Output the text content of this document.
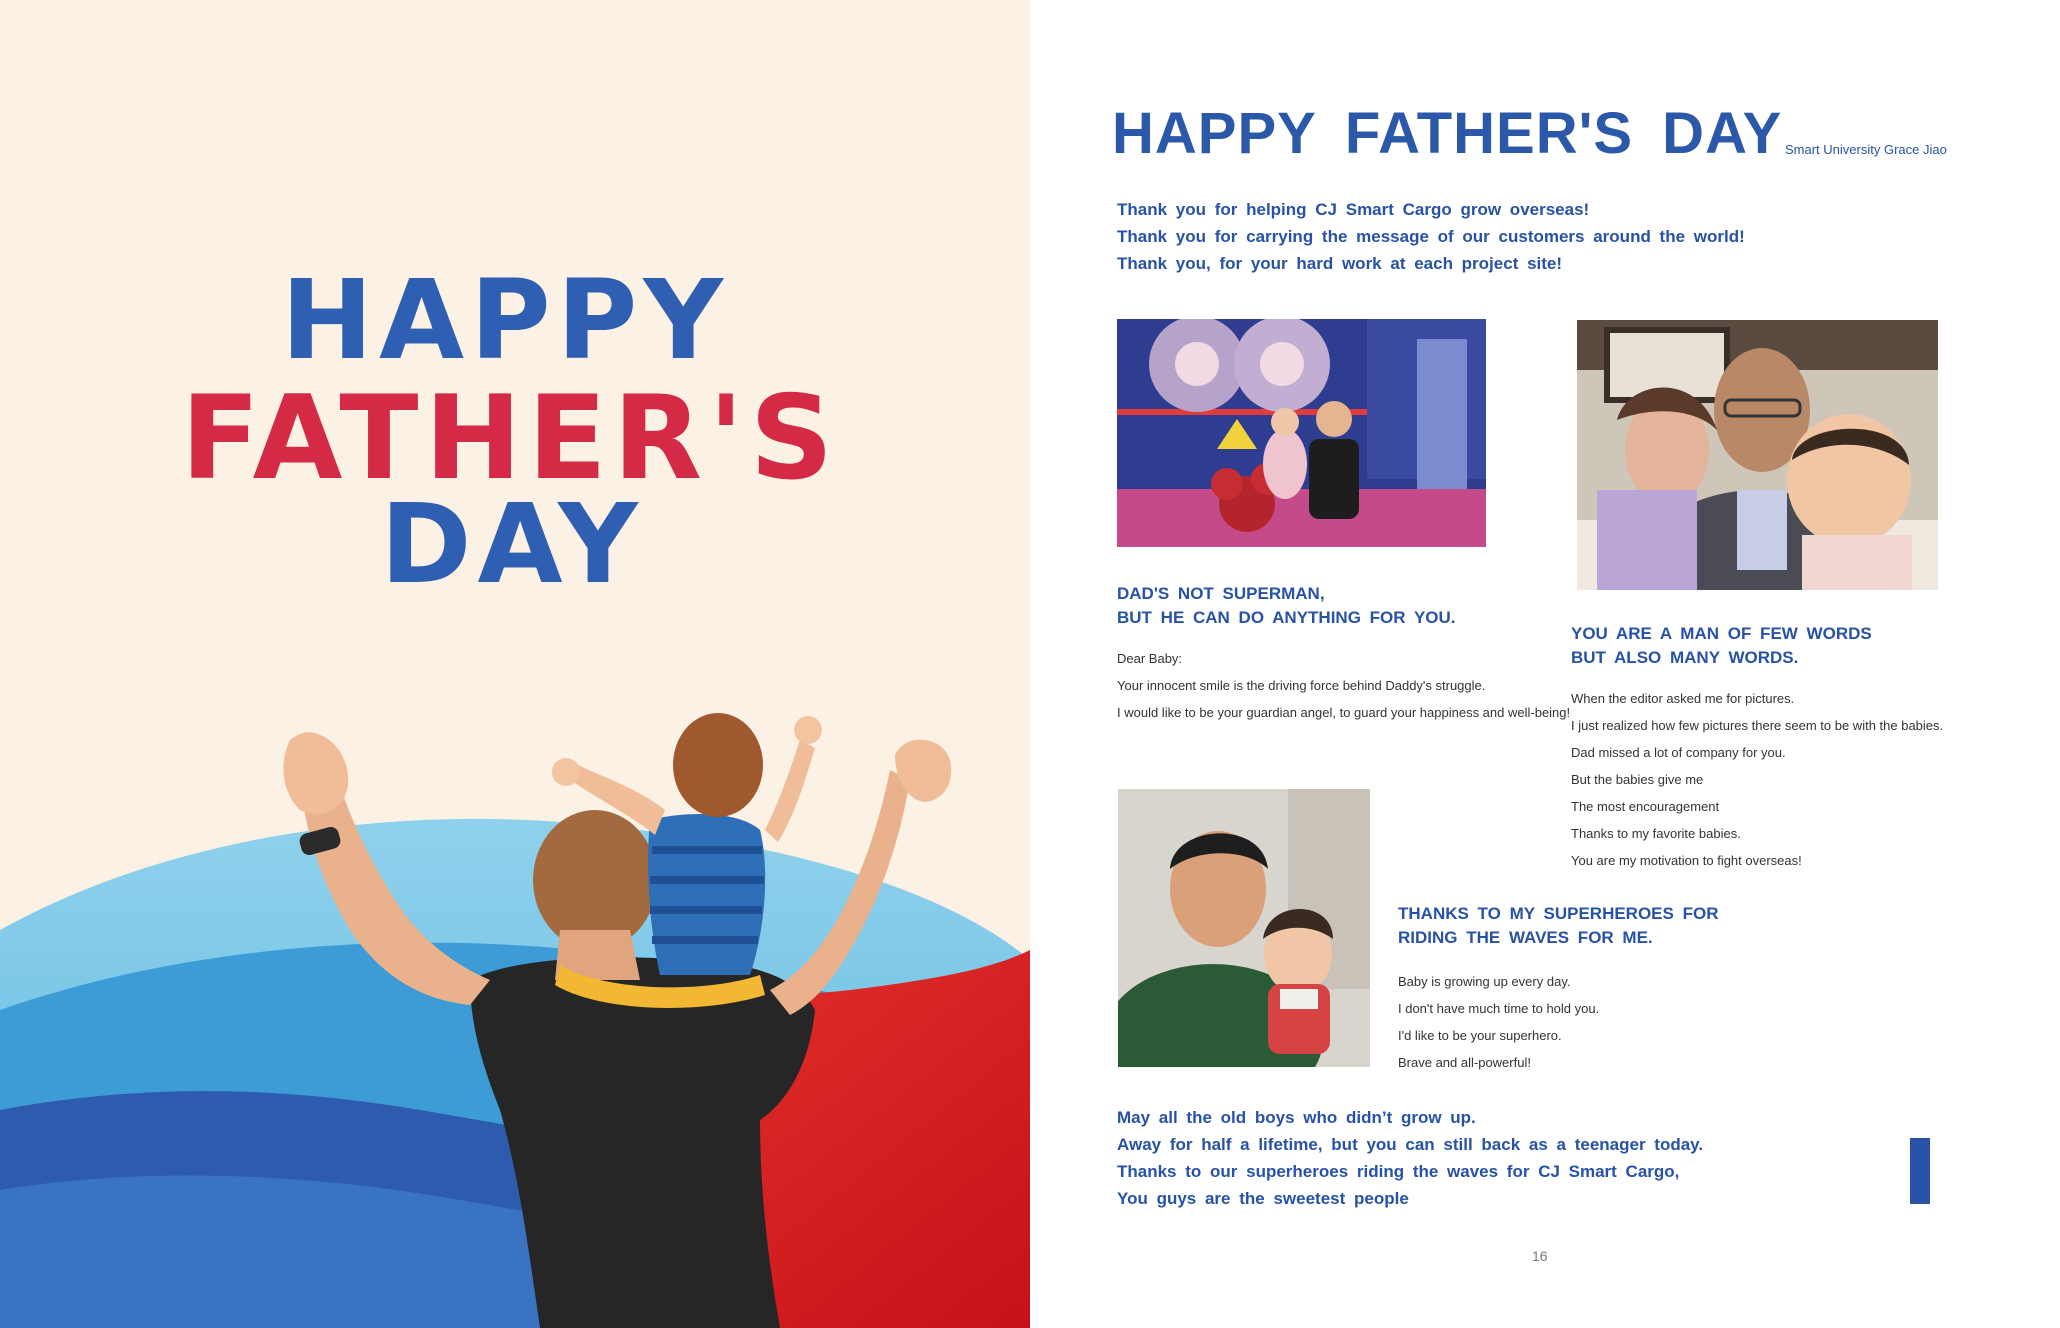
HAPPY
FATHER'S
DAY
HAPPY FATHER'S DAY Smart University Grace Jiao
Thank you for helping CJ Smart Cargo grow overseas!
Thank you for carrying the message of our customers around the world!
Thank you, for your hard work at each project site!
DAD'S NOT SUPERMAN,
BUT HE CAN DO ANYTHING FOR YOU.
Dear Baby:
Your innocent smile is the driving force behind Daddy's struggle.
I would like to be your guardian angel, to guard your happiness and well-being!
YOU ARE A MAN OF FEW WORDS
BUT ALSO MANY WORDS.
When the editor asked me for pictures.
I just realized how few pictures there seem to be with the babies.
Dad missed a lot of company for you.
But the babies give me
The most encouragement
Thanks to my favorite babies.
You are my motivation to fight overseas!
THANKS TO MY SUPERHEROES FOR
RIDING THE WAVES FOR ME.
Baby is growing up every day.
I don't have much time to hold you.
I'd like to be your superhero.
Brave and all-powerful!
May all the old boys who didn’t grow up.
Away for half a lifetime, but you can still back as a teenager today.
Thanks to our superheroes riding the waves for CJ Smart Cargo,
You guys are the sweetest people
16
